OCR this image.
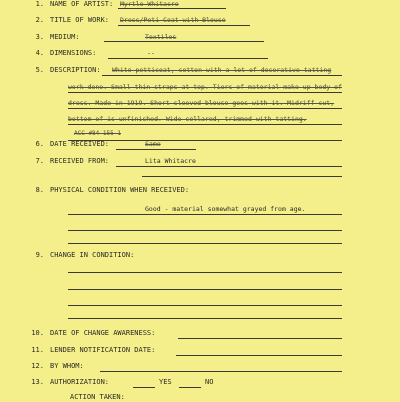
1. NAME OF ARTIST: Myrtle Whitacre
2. TITLE OF WORK: Dress/Peti Coat with Blouse
3. MEDIUM:	Textiles
4. DIMENSIONS:	--
5. DESCRIPTION: White petticoat, cotton with a lot of decorative tatting
work done. Small thin straps at top. Tiers of material make up body of
dress. Made in 1919. Short sleeved blouse goes with it. Midriff cut,
bottom of is unfinished. Wide collared, trimmed with tatting.
ACC #84-155-1
6. DATE RECEIVED:	Same
7. RECEIVED FROM:	Lita Whitacre
8. PHYSICAL CONDITION WHEN RECEIVED:
Good - material somewhat grayed from age.
9. CHANGE IN CONDITION:
10. DATE OF CHANGE AWARENESS:
11. LENDER NOTIFICATION DATE:
12. BY WHOM:
13. AUTHORIZATION:	YES	NO
ACTION TAKEN:
